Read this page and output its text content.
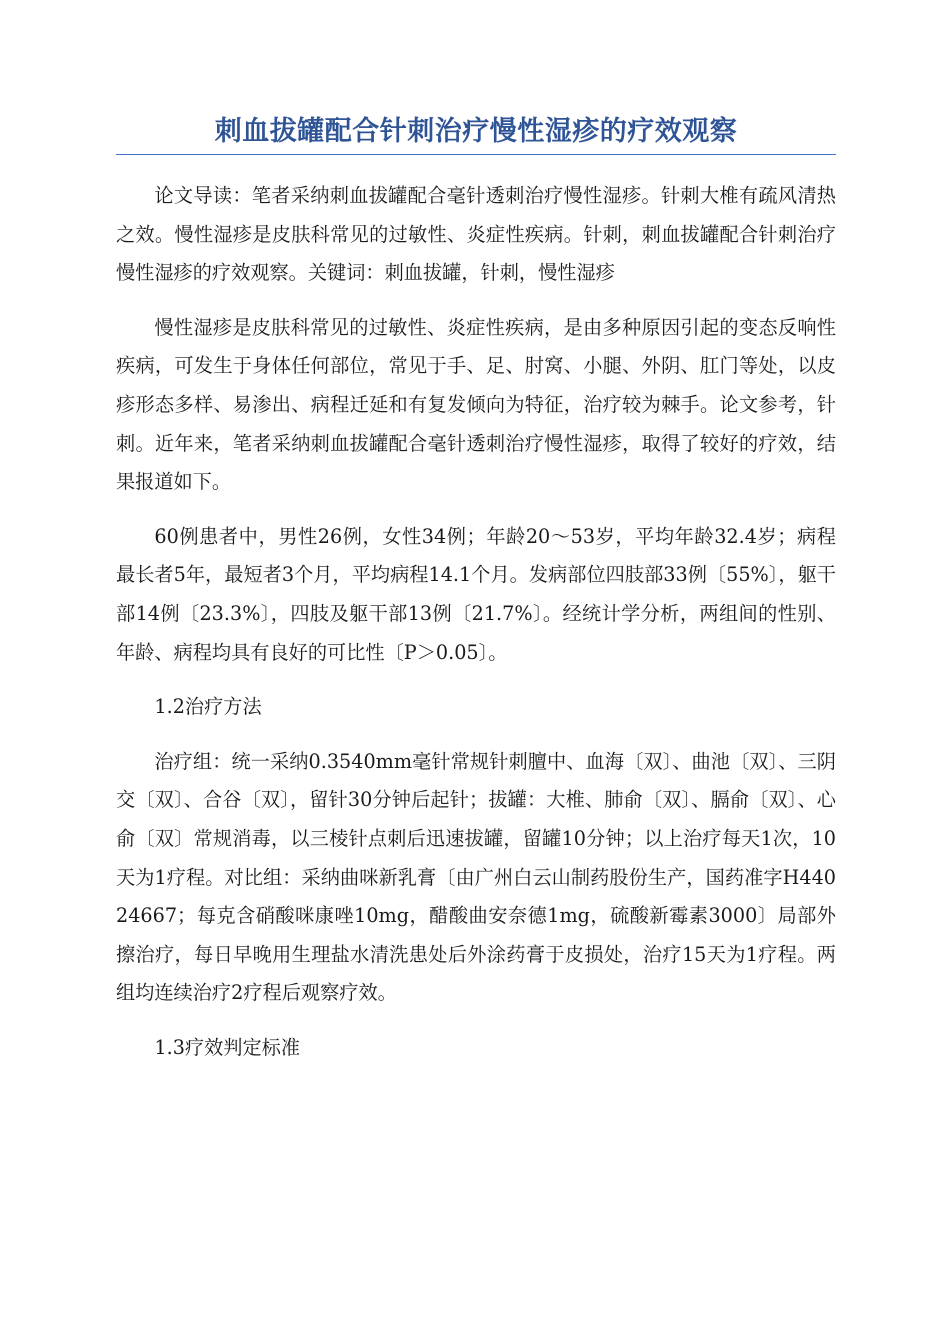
刺血拔罐配合针刺治疗慢性湿疹的疗效观察

论文导读：笔者采纳刺血拔罐配合毫针透刺治疗慢性湿疹。针刺大椎有疏风清热之效。慢性湿疹是皮肤科常见的过敏性、炎症性疾病。针刺，刺血拔罐配合针刺治疗慢性湿疹的疗效观察。关键词：刺血拔罐，针刺，慢性湿疹

慢性湿疹是皮肤科常见的过敏性、炎症性疾病，是由多种原因引起的变态反响性疾病，可发生于身体任何部位，常见于手、足、肘窝、小腿、外阴、肛门等处，以皮疹形态多样、易渗出、病程迁延和有复发倾向为特征，治疗较为棘手。论文参考，针刺。近年来，笔者采纳刺血拔罐配合毫针透刺治疗慢性湿疹，取得了较好的疗效，结果报道如下。

60例患者中，男性26例，女性34例；年龄20～53岁，平均年龄32.4岁；病程最长者5年，最短者3个月，平均病程14.1个月。发病部位四肢部33例〔55%〕，躯干部14例〔23.3%〕，四肢及躯干部13例〔21.7%〕。经统计学分析，两组间的性别、年龄、病程均具有良好的可比性〔P＞0.05〕。

1.2治疗方法

治疗组：统一采纳0.3540mm毫针常规针刺膻中、血海〔双〕、曲池〔双〕、三阴交〔双〕、合谷〔双〕，留针30分钟后起针；拔罐：大椎、肺俞〔双〕、膈俞〔双〕、心俞〔双〕常规消毒，以三棱针点刺后迅速拔罐，留罐10分钟；以上治疗每天1次，10天为1疗程。对比组：采纳曲咪新乳膏〔由广州白云山制药股份生产，国药准字H44024667；每克含硝酸咪康唑10mg，醋酸曲安奈德1mg，硫酸新霉素3000〕局部外擦治疗，每日早晚用生理盐水清洗患处后外涂药膏于皮损处，治疗15天为1疗程。两组均连续治疗2疗程后观察疗效。

1.3疗效判定标准
